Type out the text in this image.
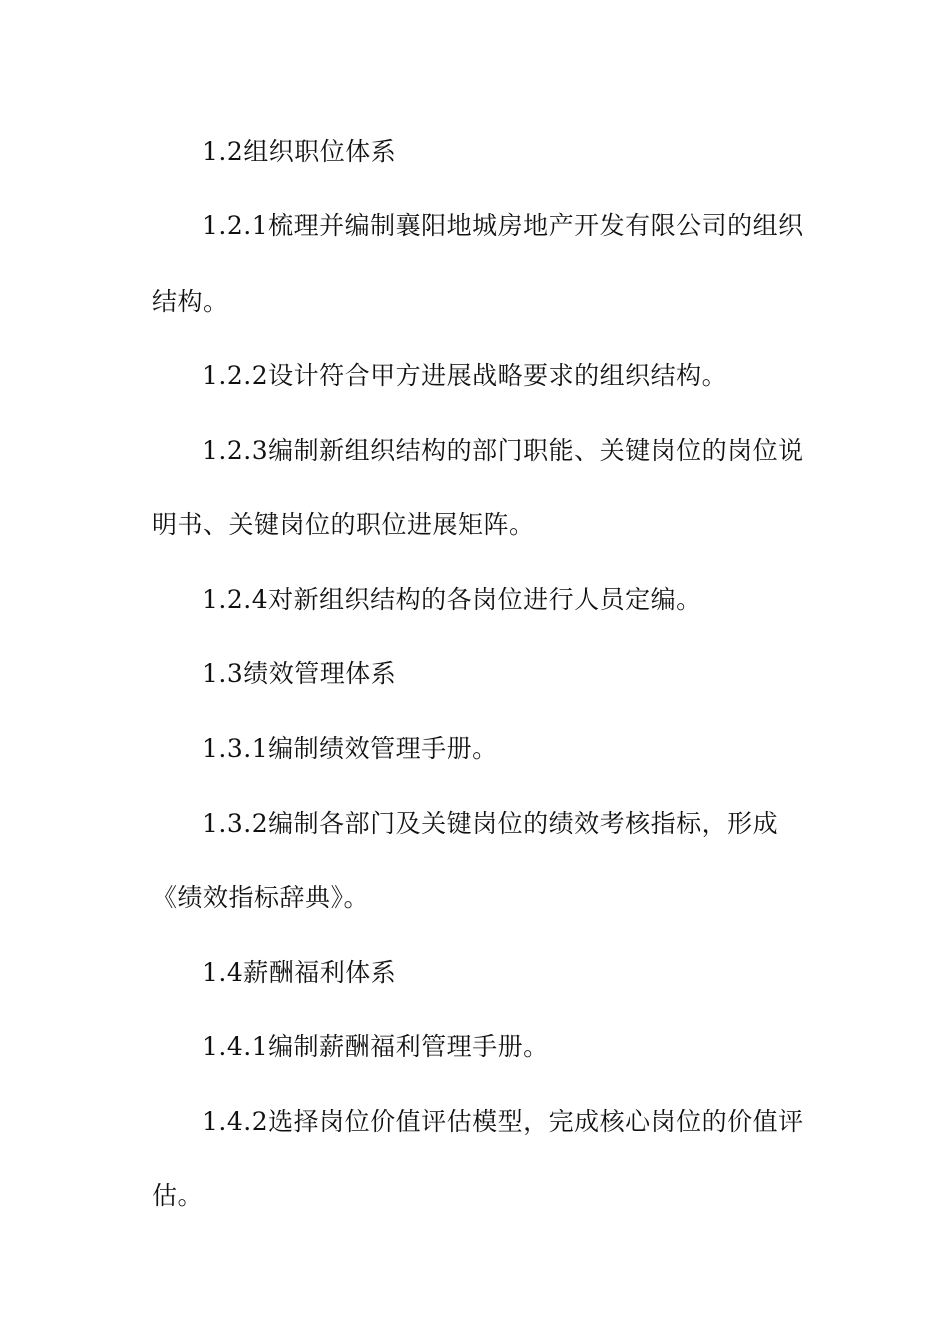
1.2组织职位体系
1.2.1梳理并编制襄阳地城房地产开发有限公司的组织
结构。
1.2.2设计符合甲方进展战略要求的组织结构。
1.2.3编制新组织结构的部门职能、关键岗位的岗位说
明书、关键岗位的职位进展矩阵。
1.2.4对新组织结构的各岗位进行人员定编。
1.3绩效管理体系
1.3.1编制绩效管理手册。
1.3.2编制各部门及关键岗位的绩效考核指标，形成
《绩效指标辞典》。
1.4薪酬福利体系
1.4.1编制薪酬福利管理手册。
1.4.2选择岗位价值评估模型，完成核心岗位的价值评
估。
